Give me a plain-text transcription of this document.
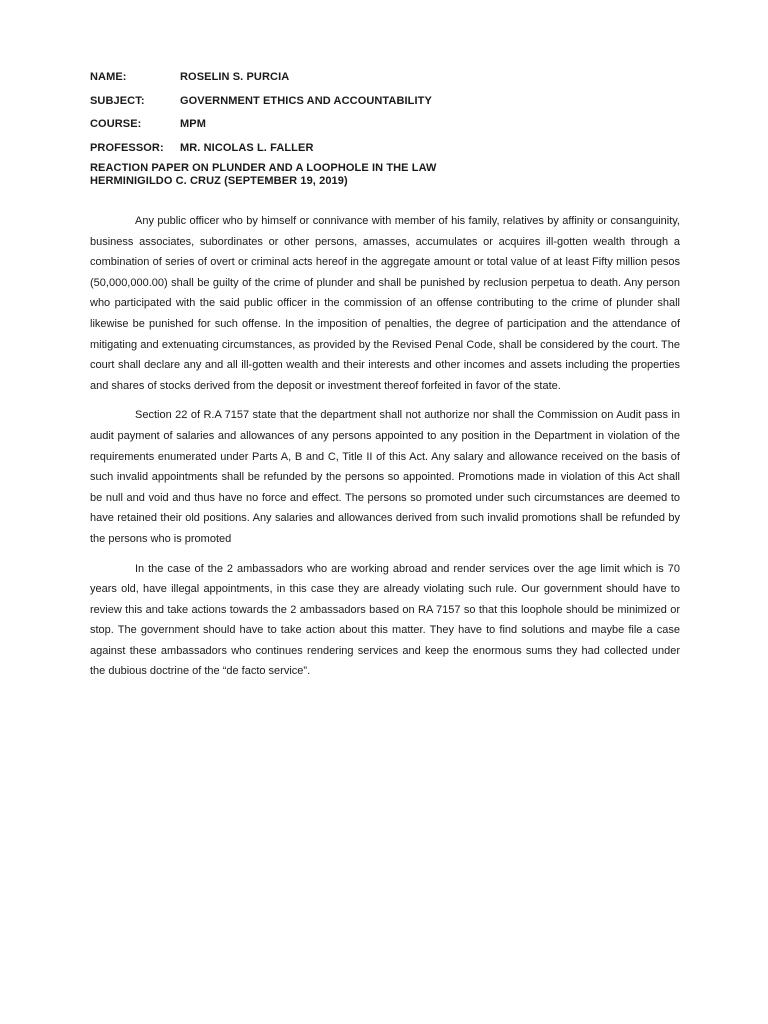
NAME:	ROSELIN S. PURCIA
SUBJECT:	GOVERNMENT ETHICS AND ACCOUNTABILITY
COURSE:	MPM
PROFESSOR:	MR. NICOLAS L. FALLER
REACTION PAPER ON PLUNDER AND A LOOPHOLE IN THE LAW
HERMINIGILDO C. CRUZ (SEPTEMBER 19, 2019)

Any public officer who by himself or connivance with member of his family, relatives by affinity or consanguinity, business associates, subordinates or other persons, amasses, accumulates or acquires ill-gotten wealth through a combination of series of overt or criminal acts hereof in the aggregate amount or total value of at least Fifty million pesos (50,000,000.00) shall be guilty of the crime of plunder and shall be punished by reclusion perpetua to death. Any person who participated with the said public officer in the commission of an offense contributing to the crime of plunder shall likewise be punished for such offense. In the imposition of penalties, the degree of participation and the attendance of mitigating and extenuating circumstances, as provided by the Revised Penal Code, shall be considered by the court. The court shall declare any and all ill-gotten wealth and their interests and other incomes and assets including the properties and shares of stocks derived from the deposit or investment thereof forfeited in favor of the state.

Section 22 of R.A 7157 state that the department shall not authorize nor shall the Commission on Audit pass in audit payment of salaries and allowances of any persons appointed to any position in the Department in violation of the requirements enumerated under Parts A, B and C, Title II of this Act. Any salary and allowance received on the basis of such invalid appointments shall be refunded by the persons so appointed. Promotions made in violation of this Act shall be null and void and thus have no force and effect. The persons so promoted under such circumstances are deemed to have retained their old positions. Any salaries and allowances derived from such invalid promotions shall be refunded by the persons who is promoted

In the case of the 2 ambassadors who are working abroad and render services over the age limit which is 70 years old, have illegal appointments, in this case they are already violating such rule. Our government should have to review this and take actions towards the 2 ambassadors based on RA 7157 so that this loophole should be minimized or stop. The government should have to take action about this matter. They have to find solutions and maybe file a case against these ambassadors who continues rendering services and keep the enormous sums they had collected under the dubious doctrine of the “de facto service”.
